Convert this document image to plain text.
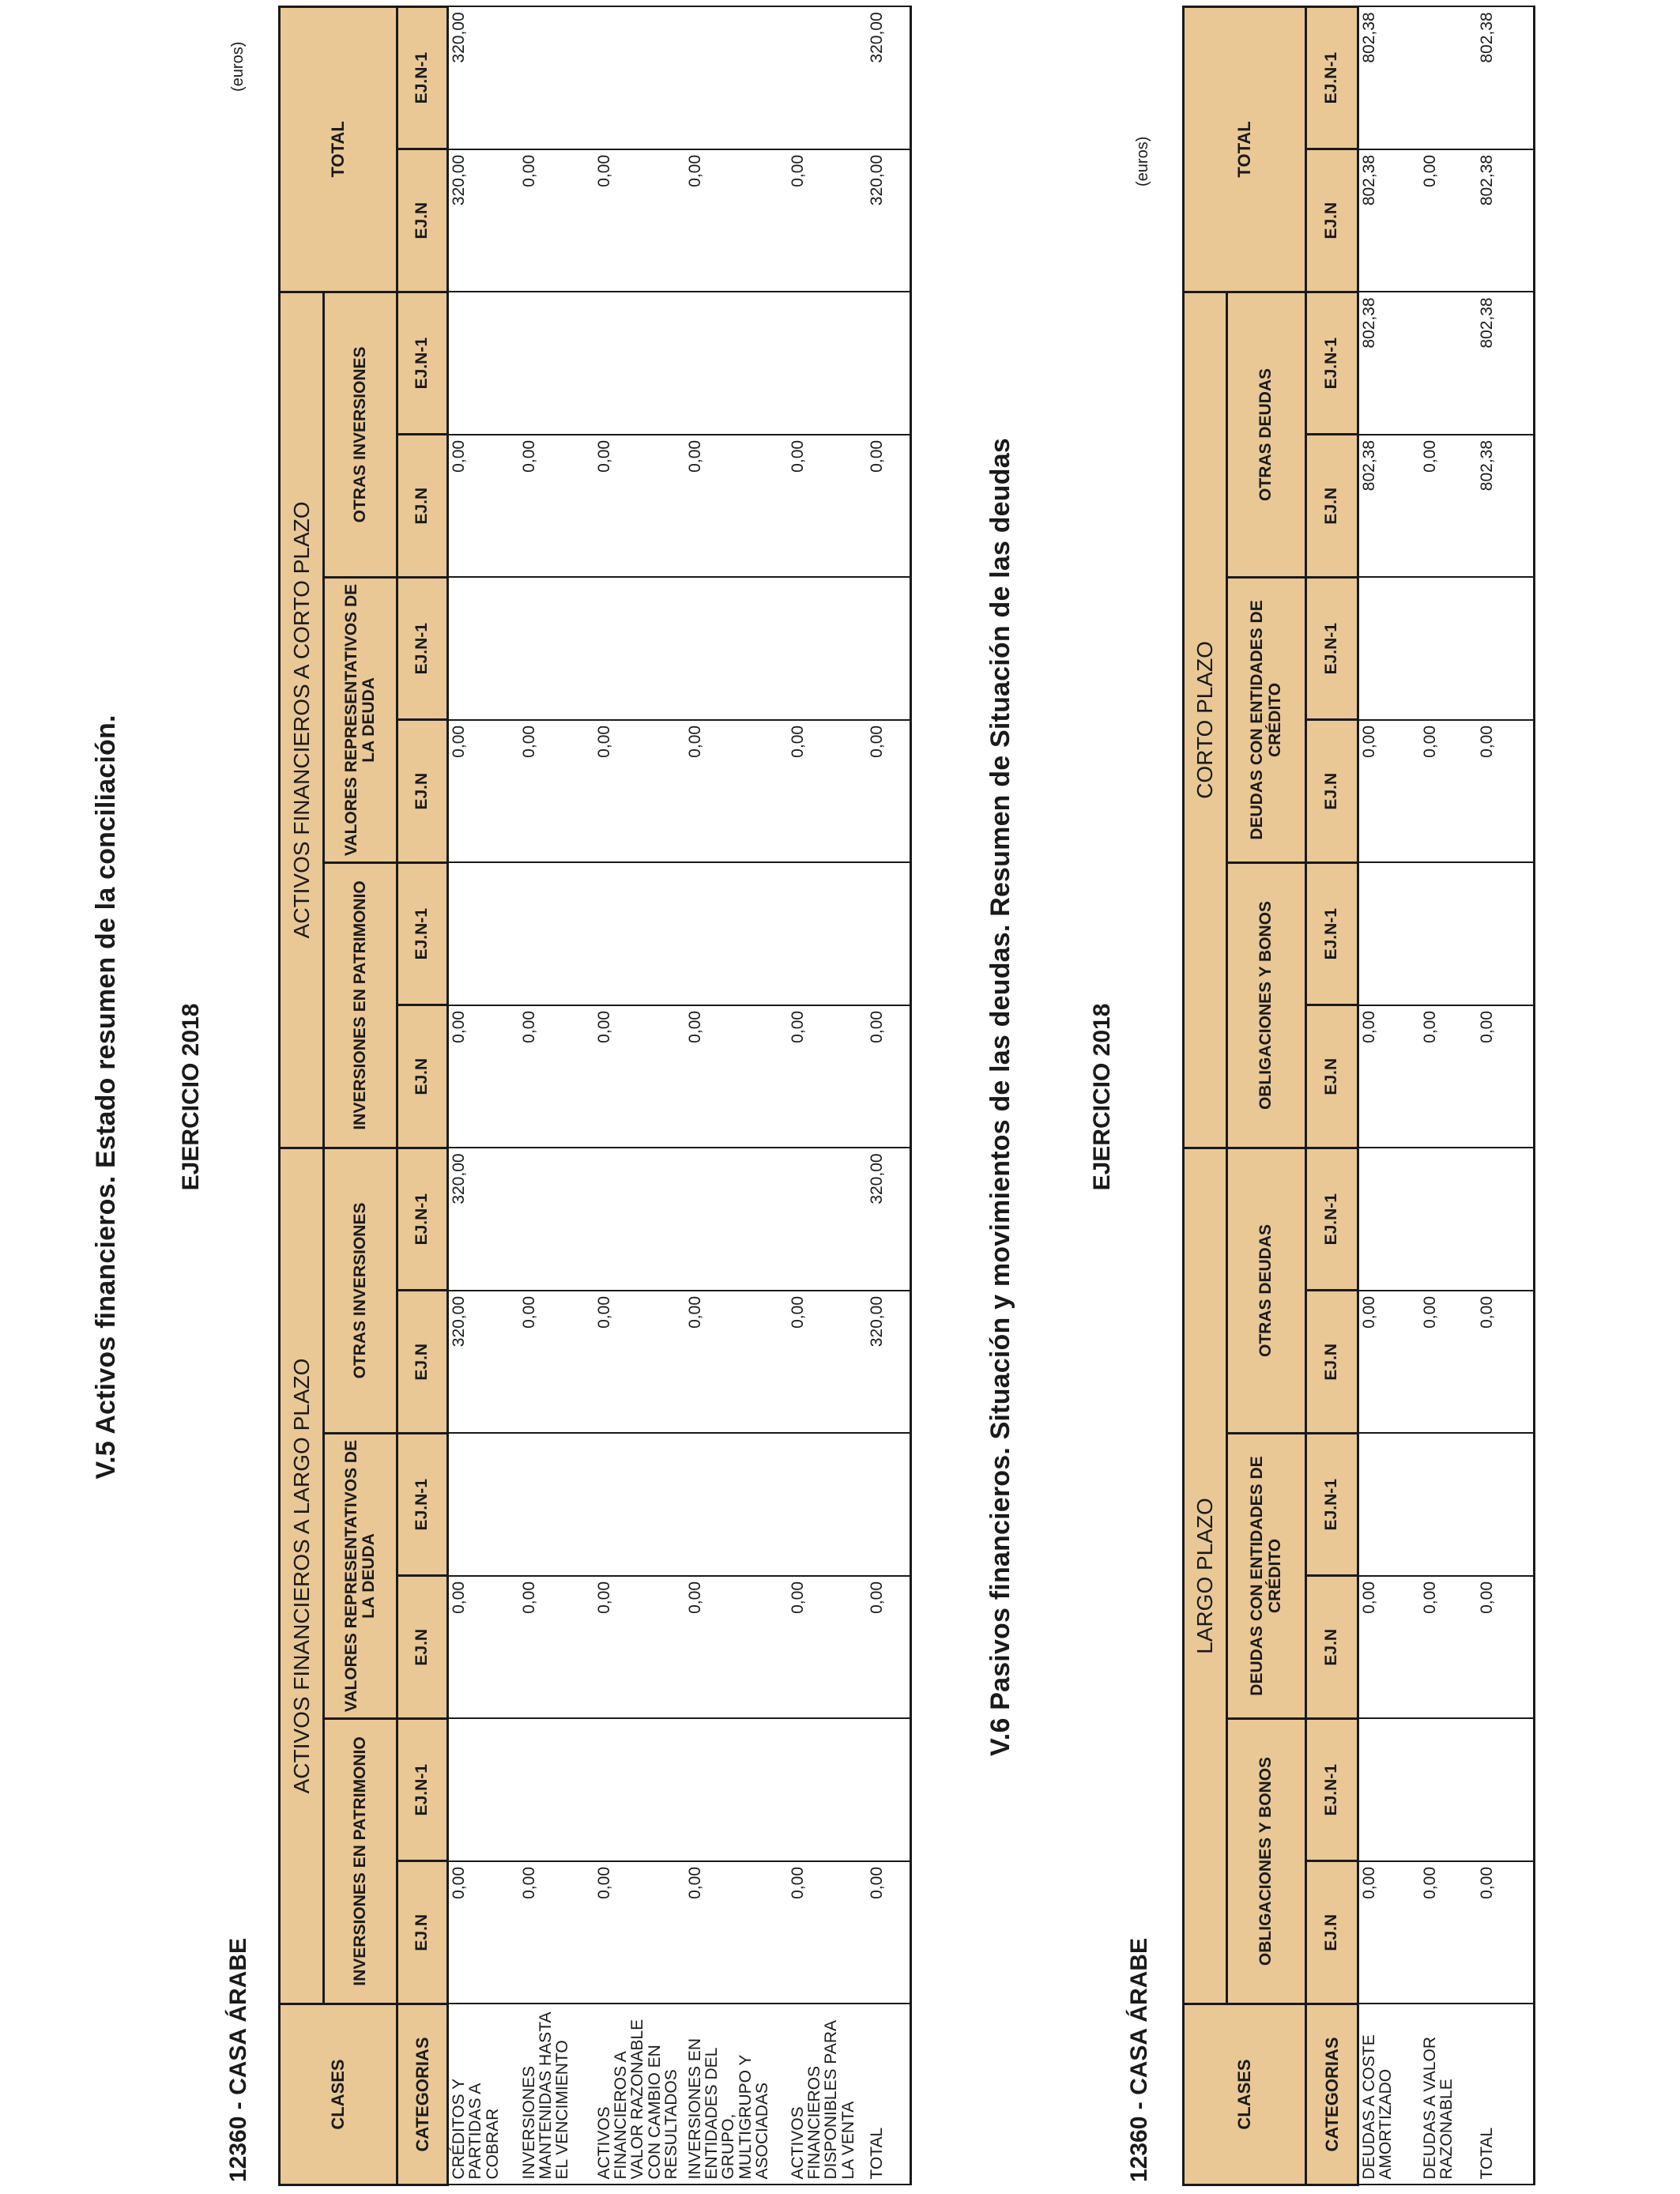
V.5 Activos financieros. Estado resumen de la conciliación. EJERCICIO 2018
12360 - CASA ÁRABE
(euros)
CLASES	ACTIVOS FINANCIEROS A LARGO PLAZO						ACTIVOS FINANCIEROS A CORTO PLAZO						TOTAL	
	INVERSIONES EN PATRIMONIO		VALORES REPRESENTATIVOS DE LA DEUDA		OTRAS INVERSIONES		INVERSIONES EN PATRIMONIO		VALORES REPRESENTATIVOS DE LA DEUDA		OTRAS INVERSIONES			
CATEGORIAS	EJ.N	EJ.N-1	EJ.N	EJ.N-1	EJ.N	EJ.N-1	EJ.N	EJ.N-1	EJ.N	EJ.N-1	EJ.N	EJ.N-1	EJ.N	EJ.N-1
CRÉDITOS Y PARTIDAS A COBRAR	0,00		0,00		320,00	320,00	0,00		0,00		0,00		320,00	320,00
INVERSIONES MANTENIDAS HASTA EL VENCIMIENTO	0,00		0,00		0,00		0,00		0,00		0,00		0,00	
ACTIVOS FINANCIEROS A VALOR RAZONABLE CON CAMBIO EN RESULTADOS	0,00		0,00		0,00		0,00		0,00		0,00		0,00	
INVERSIONES EN ENTIDADES DEL GRUPO, MULTIGRUPO Y ASOCIADAS	0,00		0,00		0,00		0,00		0,00		0,00		0,00	
ACTIVOS FINANCIEROS DISPONIBLES PARA LA VENTA	0,00		0,00		0,00		0,00		0,00		0,00		0,00	
TOTAL	0,00		0,00		320,00	320,00	0,00		0,00		0,00		320,00	320,00
V.6 Pasivos financieros. Situación y movimientos de las deudas. Resumen de Situación de las deudas	EJERCICIO 2018
12360 - CASA ÁRABE
(euros)
CLASES	LARGO PLAZO						CORTO PLAZO						TOTAL	
	OBLIGACIONES Y BONOS		DEUDAS CON ENTIDADES DE CRÉDITO		OTRAS DEUDAS		OBLIGACIONES Y BONOS		DEUDAS CON ENTIDADES DE CRÉDITO		OTRAS DEUDAS			
CATEGORIAS	EJ.N	EJ.N-1	EJ.N	EJ.N-1	EJ.N	EJ.N-1	EJ.N	EJ.N-1	EJ.N	EJ.N-1	EJ.N	EJ.N-1	EJ.N	EJ.N-1
DEUDAS A COSTE AMORTIZADO	0,00		0,00		0,00		0,00		0,00		802,38	802,38	802,38	802,38
DEUDAS A VALOR RAZONABLE	0,00		0,00		0,00		0,00		0,00		0,00		0,00	
TOTAL	0,00		0,00		0,00		0,00		0,00		802,38	802,38	802,38	802,38
